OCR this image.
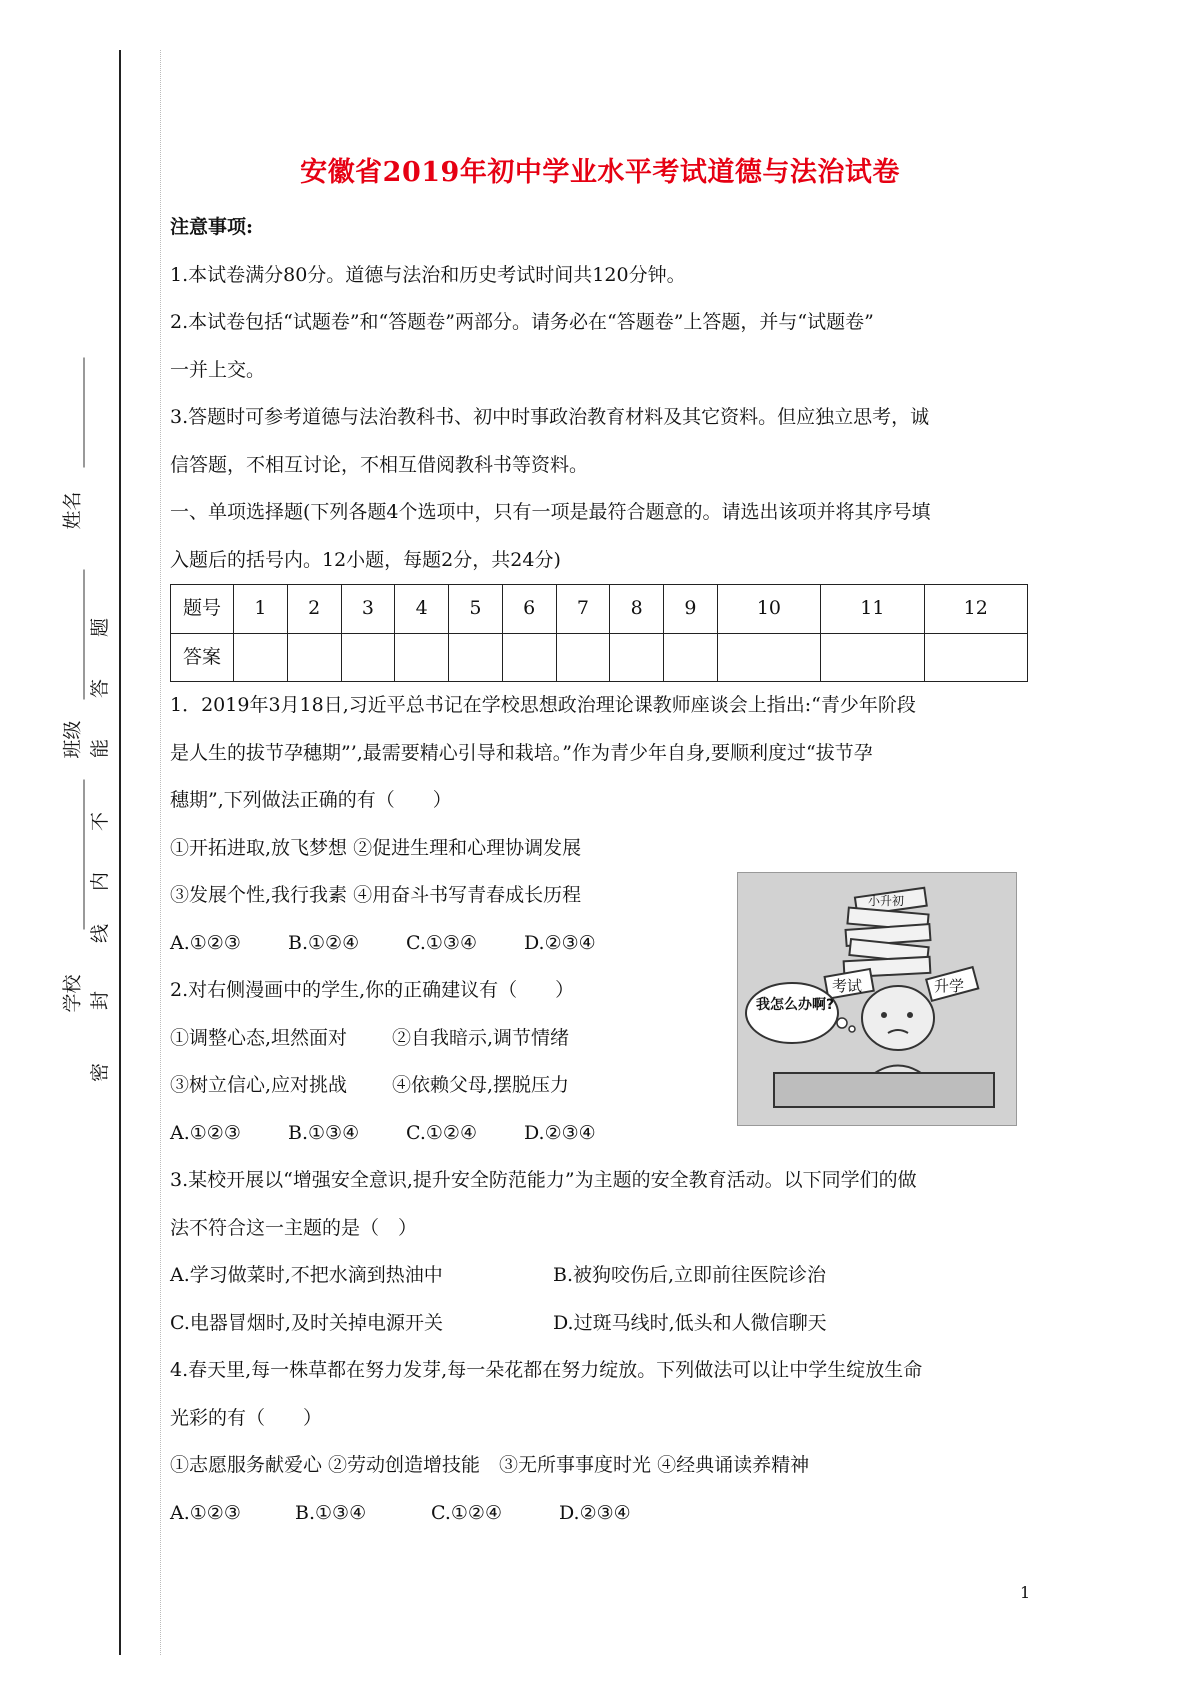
姓名
班级
学校
密
封
线
内
不
能
答
题
安徽省2019年初中学业水平考试道德与法治试卷

注意事项:

1.本试卷满分80分。道德与法治和历史考试时间共120分钟。

2.本试卷包括“试题卷”和“答题卷”两部分。请务必在“答题卷”上答题，并与“试题卷”

一并上交。

3.答题时可参考道德与法治教科书、初中时事政治教育材料及其它资料。但应独立思考，诚

信答题，不相互讨论，不相互借阅教科书等资料。

一、单项选择题(下列各题4个选项中，只有一项是最符合题意的。请选出该项并将其序号填

入题后的括号内。12小题，每题2分，共24分)

题号	1	2	3	4	5	6	7	8	9	10	11	12
答案												

1．2019年3月18日,习近平总书记在学校思想政治理论课教师座谈会上指出:“青少年阶段

是人生的拔节孕穗期”’,最需要精心引导和栽培。”作为青少年自身,要顺利度过“拔节孕

穗期”,下列做法正确的有（　　）

①开拓进取,放飞梦想 ②促进生理和心理协调发展

③发展个性,我行我素 ④用奋斗书写青春成长历程

A.①②③	B.①②④	C.①③④	D.②③④

2.对右侧漫画中的学生,你的正确建议有（　　）

①调整心态,坦然面对	②自我暗示,调节情绪

③树立信心,应对挑战	④依赖父母,摆脱压力

A.①②③	B.①③④	C.①②④	D.②③④

3.某校开展以“增强安全意识,提升安全防范能力”为主题的安全教育活动。以下同学们的做

法不符合这一主题的是（　）

A.学习做菜时,不把水滴到热油中	B.被狗咬伤后,立即前往医院诊治

C.电器冒烟时,及时关掉电源开关	D.过斑马线时,低头和人微信聊天

4.春天里,每一株草都在努力发芽,每一朵花都在努力绽放。下列做法可以让中学生绽放生命

光彩的有（　　）

①志愿服务献爱心 ②劳动创造增技能　③无所事事度时光 ④经典诵读养精神

A.①②③	B.①③④	C.①②④	D.②③④

考试	升学
小升初
我怎么办啊?
1
